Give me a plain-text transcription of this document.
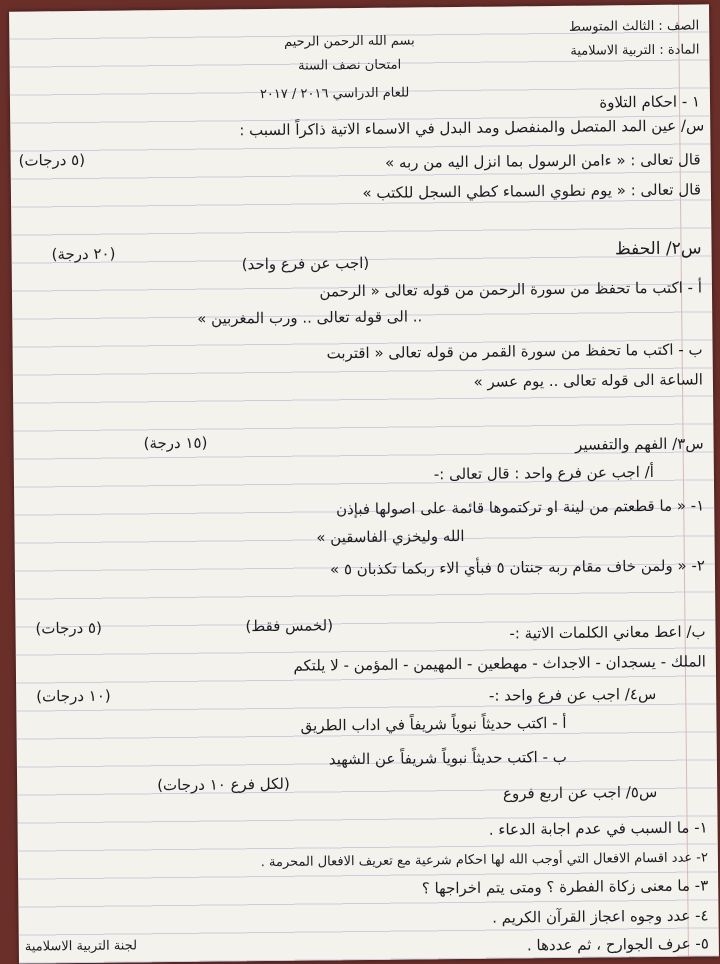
الصف : الثالث المتوسط
المادة : التربية الاسلامية
بسم الله الرحمن الرحيم
امتحان نصف السنة
للعام الدراسي ٢٠١٦ / ٢٠١٧	١ - احكام التلاوة
س/ عين المد المتصل والمنفصل ومد البدل في الاسماء الاتية ذاكراً السبب :
قال تعالى : « ءامن الرسول بما انزل اليه من ربه »
(٥ درجات)
قال تعالى : « يوم نطوي السماء كطي السجل للكتب »
س٢/ الحفظ
(اجب عن فرع واحد)
(٢٠ درجة)
أ - اكتب ما تحفظ من سورة الرحمن من قوله تعالى « الرحمن
.. الى قوله تعالى .. ورب المغربين »
ب - اكتب ما تحفظ من سورة القمر من قوله تعالى « اقتربت
الساعة الى قوله تعالى .. يوم عسر »
س٣/ الفهم والتفسير
(١٥ درجة)
أ/ اجب عن فرع واحد : قال تعالى :-
١- « ما قطعتم من لينة او تركتموها قائمة على اصولها فبإذن
الله وليخزي الفاسقين »
٢- « ولمن خاف مقام ربه جنتان ٥ فبأي الاء ربكما تكذبان ٥ »
ب/ اعط معاني الكلمات الاتية :-
(لخمس فقط)
(٥ درجات)
الملك - يسجدان - الاجداث - مهطعين - المهيمن - المؤمن - لا يلتكم
س٤/ اجب عن فرع واحد :-
(١٠ درجات)
أ - اكتب حديثاً نبوياً شريفاً في اداب الطريق
ب - اكتب حديثاً نبوياً شريفاً عن الشهيد
س٥/ اجب عن اربع فروع
(لكل فرع ١٠ درجات)
١- ما السبب في عدم اجابة الدعاء .
٢- عدد اقسام الافعال التي أوجب الله لها احكام شرعية مع تعريف الافعال المحرمة .
٣- ما معنى زكاة الفطرة ؟ ومتى يتم اخراجها ؟
٤- عدد وجوه اعجاز القرآن الكريم .
٥- عرف الجوارح ، ثم عددها .
لجنة التربية الاسلامية
